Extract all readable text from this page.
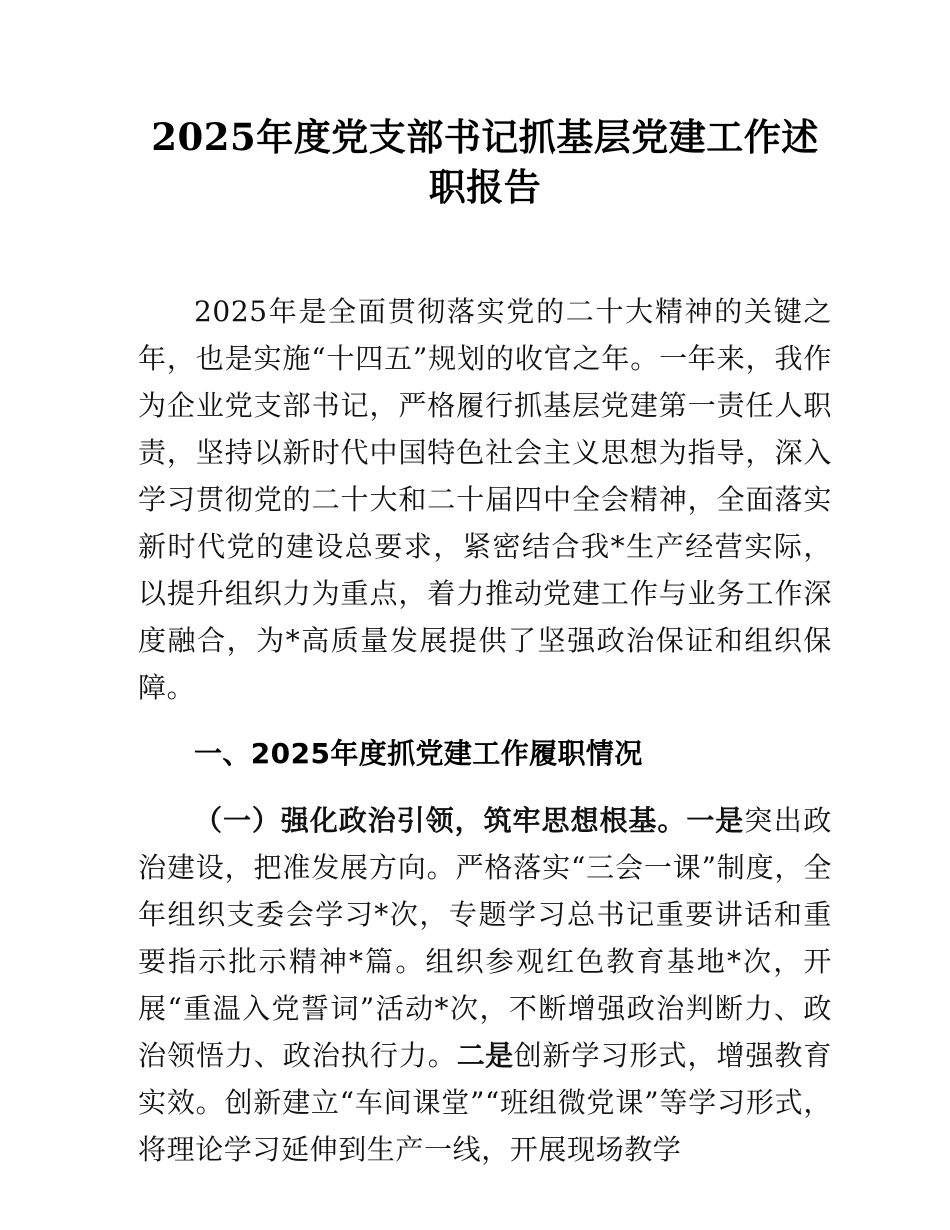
2025年度党支部书记抓基层党建工作述职报告

2025年是全面贯彻落实党的二十大精神的关键之年，也是实施“十四五”规划的收官之年。一年来，我作为企业党支部书记，严格履行抓基层党建第一责任人职责，坚持以新时代中国特色社会主义思想为指导，深入学习贯彻党的二十大和二十届四中全会精神，全面落实新时代党的建设总要求，紧密结合我*生产经营实际，以提升组织力为重点，着力推动党建工作与业务工作深度融合，为*高质量发展提供了坚强政治保证和组织保障。

一、2025年度抓党建工作履职情况

（一）强化政治引领，筑牢思想根基。一是突出政治建设，把准发展方向。严格落实“三会一课”制度，全年组织支委会学习*次，专题学习总书记重要讲话和重要指示批示精神*篇。组织参观红色教育基地*次，开展“重温入党誓词”活动*次，不断增强政治判断力、政治领悟力、政治执行力。二是创新学习形式，增强教育实效。创新建立“车间课堂”“班组微党课”等学习形式，将理论学习延伸到生产一线，开展现场教学
